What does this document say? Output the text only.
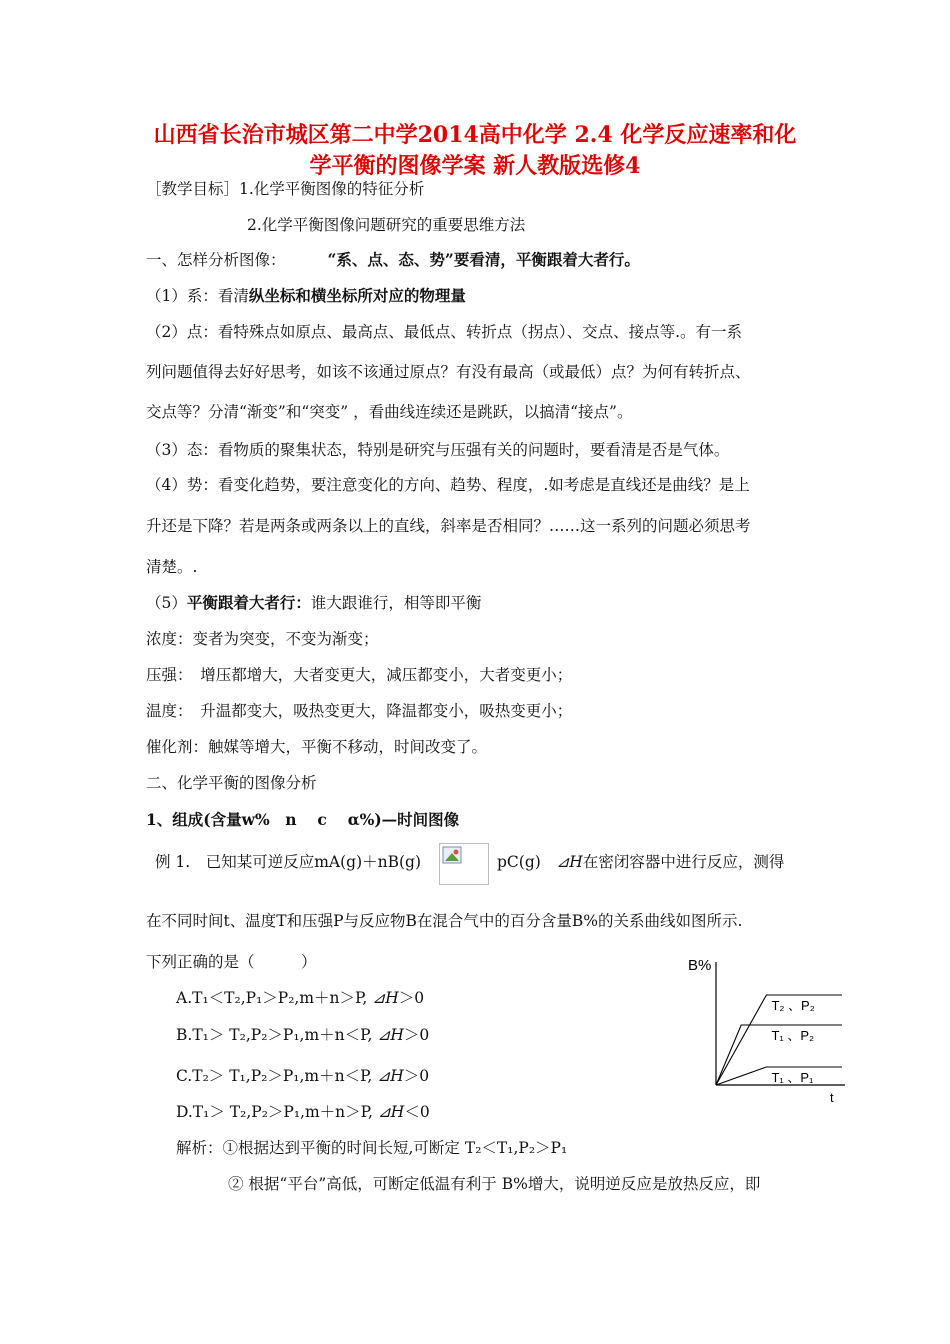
山西省长治市城区第二中学2014高中化学 2.4 化学反应速率和化
学平衡的图像学案 新人教版选修4
［教学目标］1.化学平衡图像的特征分析
2.化学平衡图像问题研究的重要思维方法
一、怎样分析图像：	“系、点、态、势”要看清，平衡跟着大者行。
（1）系：看清纵坐标和横坐标所对应的物理量
（2）点：看特殊点如原点、最高点、最低点、转折点（拐点）、交点、接点等.。有一系
列问题值得去好好思考，如该不该通过原点？有没有最高（或最低）点？为何有转折点、
交点等？分清“渐变”和“突变” ，看曲线连续还是跳跃，以搞清“接点”。
（3）态：看物质的聚集状态，特别是研究与压强有关的问题时，要看清是否是气体。
（4）势：看变化趋势，要注意变化的方向、趋势、程度，.如考虑是直线还是曲线？是上
升还是下降？若是两条或两条以上的直线，斜率是否相同？……这一系列的问题必须思考
清楚。.
（5）平衡跟着大者行：谁大跟谁行，相等即平衡
浓度：变者为突变，不变为渐变；
压强：　增压都增大，大者变更大，减压都变小，大者变更小；
温度：　升温都变大，吸热变更大，降温都变小，吸热变更小；
催化剂：触媒等增大，平衡不移动，时间改变了。
二、化学平衡的图像分析
1、组成(含量w%　n　 c　 α%)—时间图像
例 1.　已知某可逆反应mA(g)＋nB(g)	pC(g)　⊿H在密闭容器中进行反应，测得
在不同时间t、温度T和压强P与反应物B在混合气中的百分含量B%的关系曲线如图所示.
下列正确的是（　　　）
A.T₁＜T₂,P₁＞P₂,m＋n＞P, ⊿H＞0
B.T₁＞ T₂,P₂＞P₁,m＋n＜P, ⊿H＞0
C.T₂＞ T₁,P₂＞P₁,m＋n＜P, ⊿H＞0
D.T₁＞ T₂,P₂＞P₁,m＋n＞P, ⊿H＜0
解析：①根据达到平衡的时间长短,可断定 T₂＜T₁,P₂＞P₁
② 根据“平台”高低，可断定低温有利于 B%增大，说明逆反应是放热反应，即
B%
t
T₂ 、P₂
T₁ 、P₂
T₁ 、P₁
